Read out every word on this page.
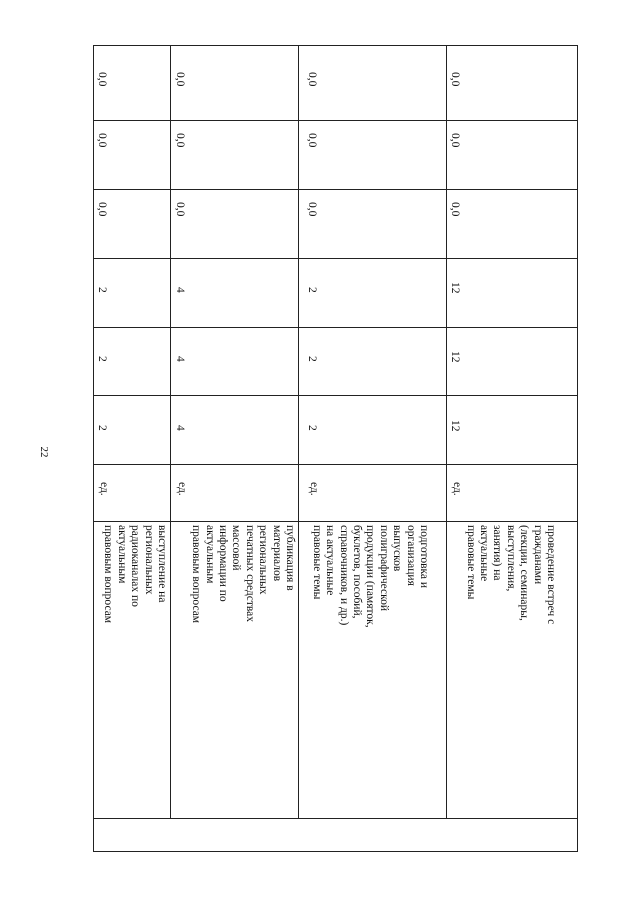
22
выступление на
региональных
радиоканалах по
актуальным
правовым вопросам
ед.
2
2
2
0,0
0,0
0,0
публикация в
материалов
региональных
печатных средствах
массовой
информации по
актуальным
правовым вопросам
ед.
4
4
4
0,0
0,0
0,0
подготовка и
организация
выпусков
полиграфической
продукции (памяток,
буклетов, пособий,
справочников, и др.)
на актуальные
правовые темы
ед.
2
2
2
0,0
0,0
0,0
проведение встреч с
гражданами
(лекции, семинары,
выступления,
занятия) на
актуальные
правовые темы
ед.
12
12
12
0,0
0,0
0,0
